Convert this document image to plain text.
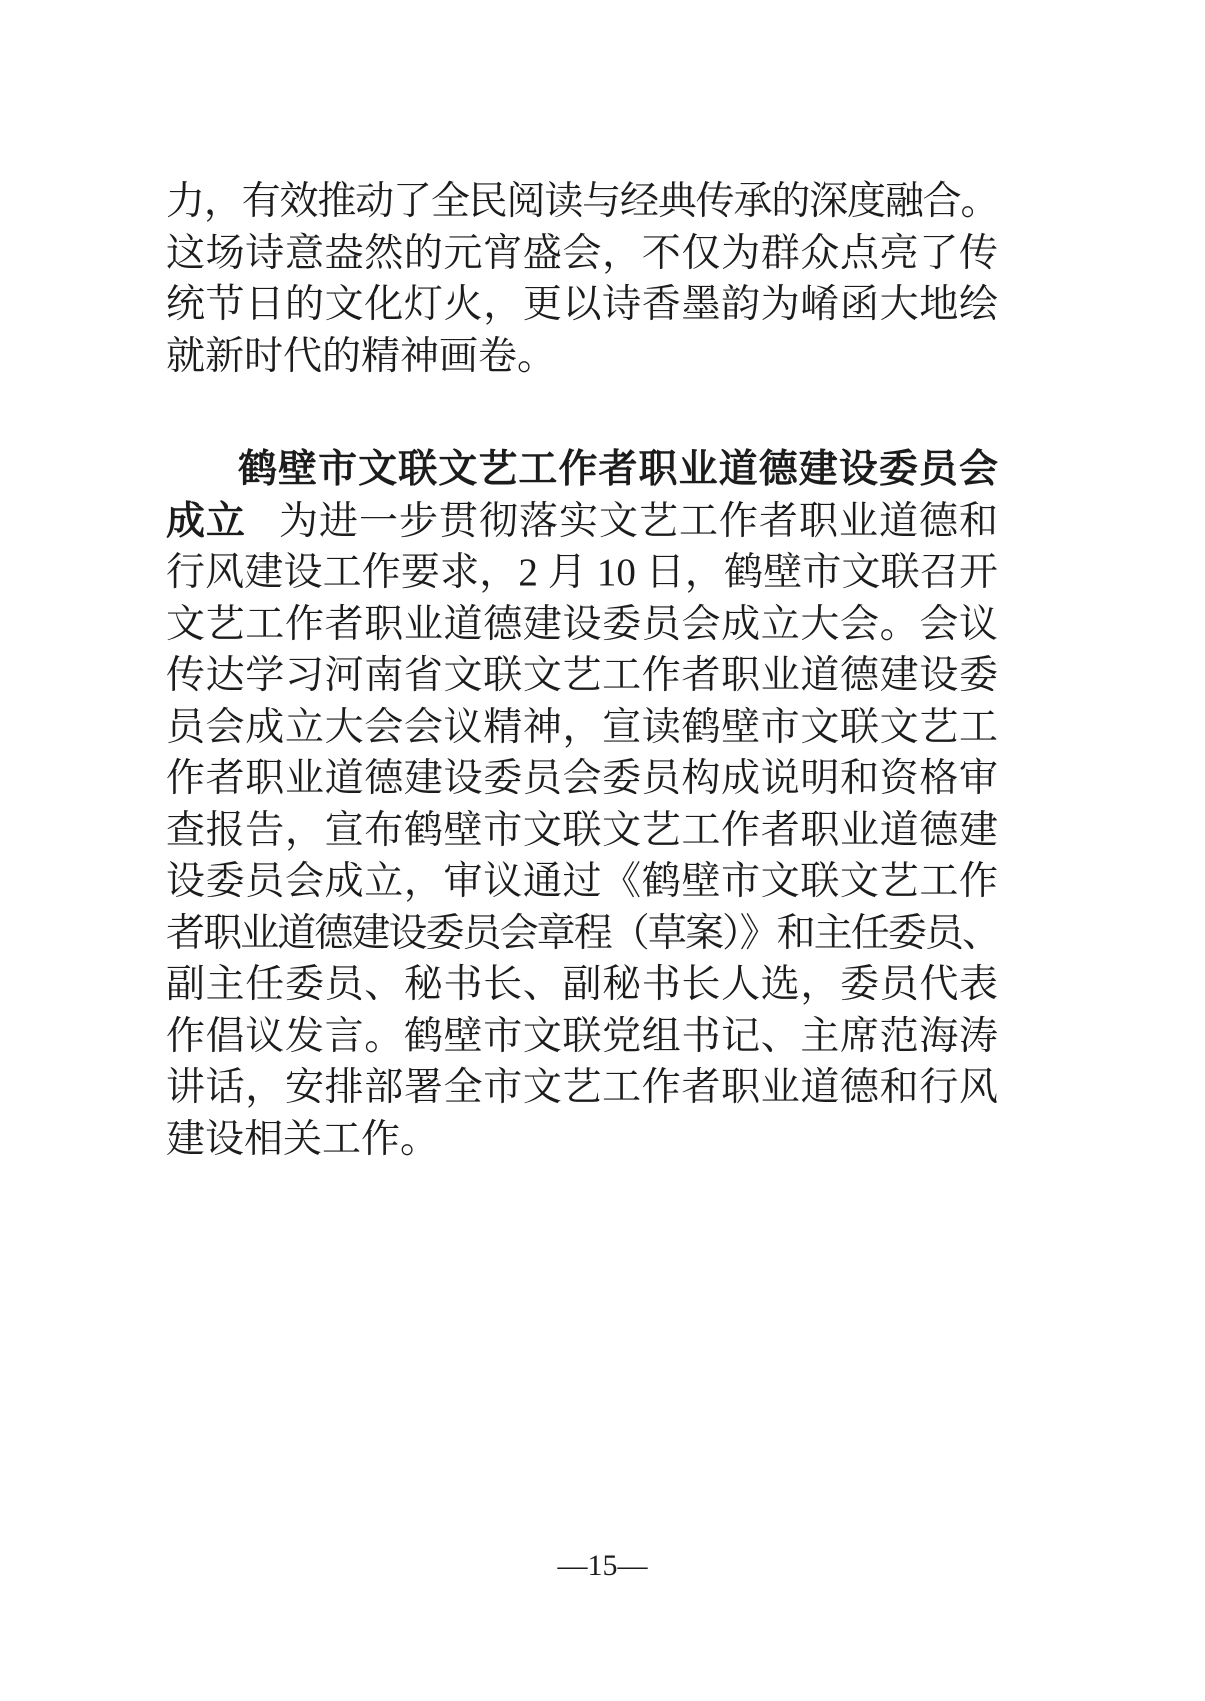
力，有效推动了全民阅读与经典传承的深度融合。
这场诗意盎然的元宵盛会，不仅为群众点亮了传
统节日的文化灯火，更以诗香墨韵为崤函大地绘
就新时代的精神画卷。
鹤壁市文联文艺工作者职业道德建设委员会
成立 为进一步贯彻落实文艺工作者职业道德和
行风建设工作要求，2 月 10 日，鹤壁市文联召开
文艺工作者职业道德建设委员会成立大会。会议
传达学习河南省文联文艺工作者职业道德建设委
员会成立大会会议精神，宣读鹤壁市文联文艺工
作者职业道德建设委员会委员构成说明和资格审
查报告，宣布鹤壁市文联文艺工作者职业道德建
设委员会成立，审议通过《鹤壁市文联文艺工作
者职业道德建设委员会章程（草案）》和主任委员、
副主任委员、秘书长、副秘书长人选，委员代表
作倡议发言。鹤壁市文联党组书记、主席范海涛
讲话，安排部署全市文艺工作者职业道德和行风
建设相关工作。
—15—
